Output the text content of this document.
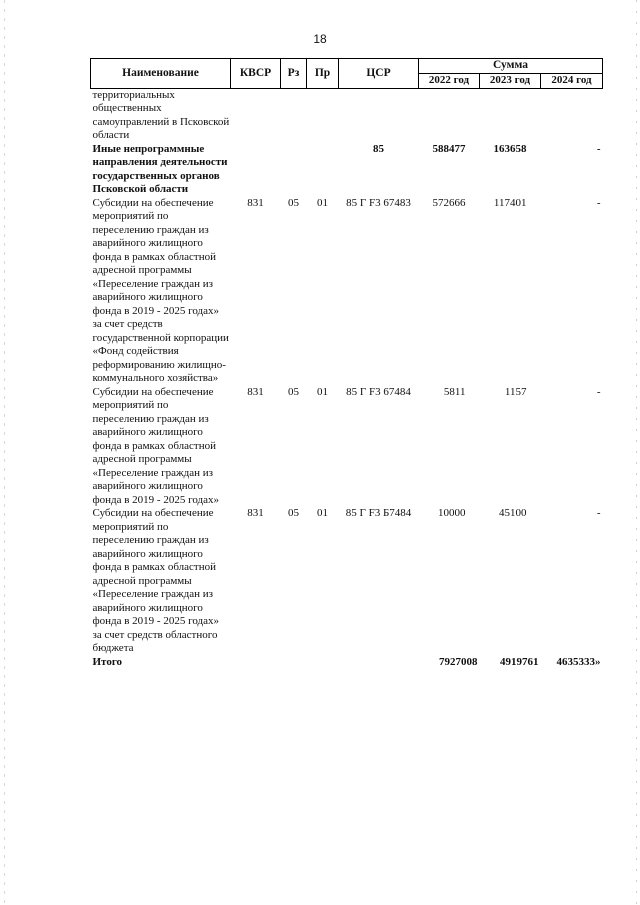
18
Наименование	КВСР	Рз	Пр	ЦСР	Сумма		
					2022 год	2023 год	2024 год
территориальных общественных самоуправлений в Псковской области							
Иные непрограммные направления деятельности государственных органов Псковской области				85	588477	163658	-
Субсидии на обеспечение мероприятий по переселению граждан из аварийного жилищного фонда в рамках областной адресной программы «Переселение граждан из аварийного жилищного фонда в 2019 - 2025 годах» за счет средств государственной корпорации «Фонд содействия реформированию жилищно-коммунального хозяйства»	831	05	01	85 Г F3 67483	572666	117401	-
Субсидии на обеспечение мероприятий по переселению граждан из аварийного жилищного фонда в рамках областной адресной программы «Переселение граждан из аварийного жилищного фонда в 2019 - 2025 годах»	831	05	01	85 Г F3 67484	5811	1157	-
Субсидии на обеспечение мероприятий по переселению граждан из аварийного жилищного фонда в рамках областной адресной программы «Переселение граждан из аварийного жилищного фонда в 2019 - 2025 годах» за счет средств областного бюджета	831	05	01	85 Г F3 Б7484	10000	45100	-
Итого					7927008	4919761	4635333»
